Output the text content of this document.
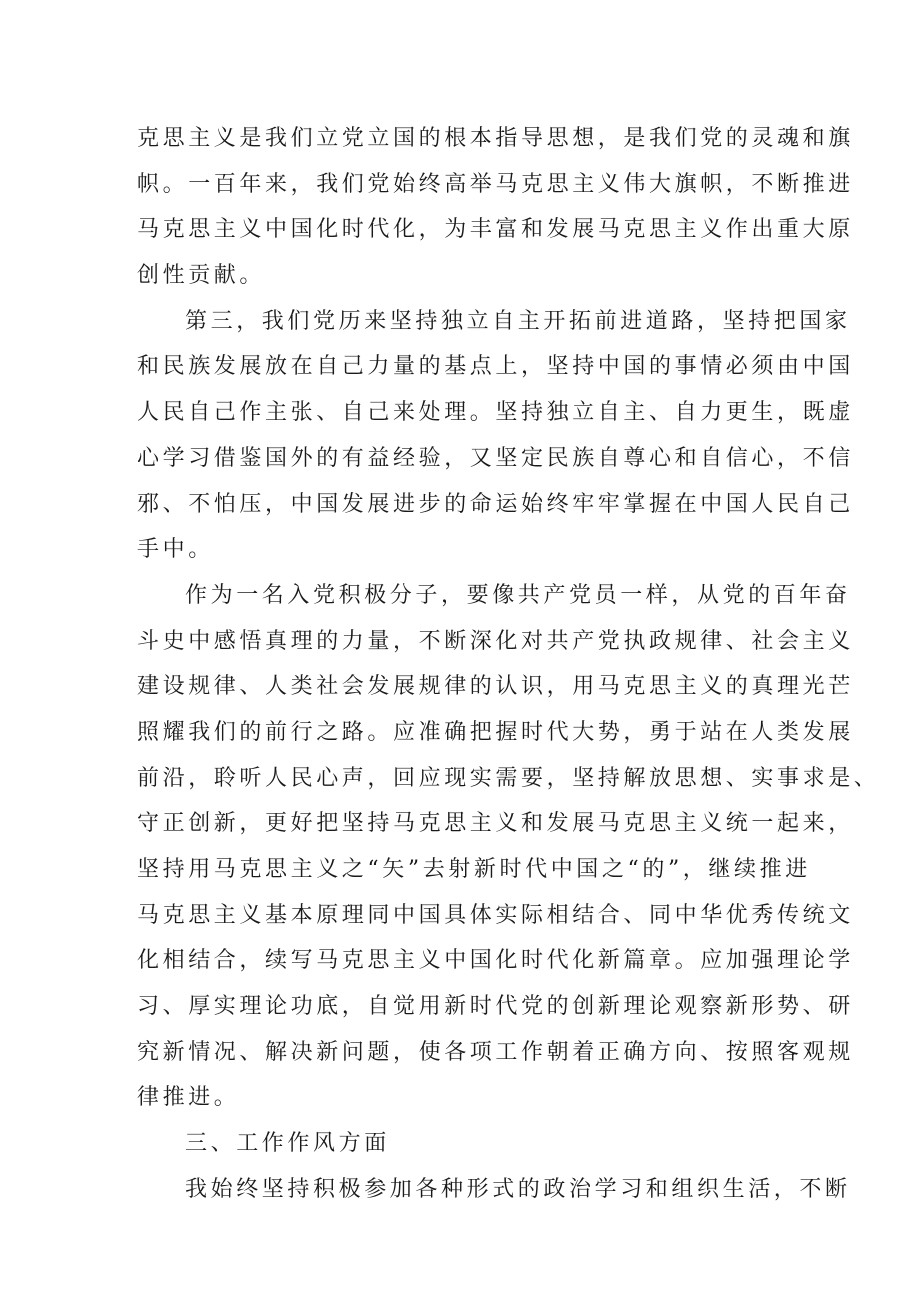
克思主义是我们立党立国的根本指导思想，是我们党的灵魂和旗
帜。一百年来，我们党始终高举马克思主义伟大旗帜，不断推进
马克思主义中国化时代化，为丰富和发展马克思主义作出重大原
创性贡献。
第三，我们党历来坚持独立自主开拓前进道路，坚持把国家
和民族发展放在自己力量的基点上，坚持中国的事情必须由中国
人民自己作主张、自己来处理。坚持独立自主、自力更生，既虚
心学习借鉴国外的有益经验，又坚定民族自尊心和自信心，不信
邪、不怕压，中国发展进步的命运始终牢牢掌握在中国人民自己
手中。
作为一名入党积极分子，要像共产党员一样，从党的百年奋
斗史中感悟真理的力量，不断深化对共产党执政规律、社会主义
建设规律、人类社会发展规律的认识，用马克思主义的真理光芒
照耀我们的前行之路。应准确把握时代大势，勇于站在人类发展
前沿，聆听人民心声，回应现实需要，坚持解放思想、实事求是、
守正创新，更好把坚持马克思主义和发展马克思主义统一起来，
坚持用马克思主义之“矢”去射新时代中国之“的”，继续推进
马克思主义基本原理同中国具体实际相结合、同中华优秀传统文
化相结合，续写马克思主义中国化时代化新篇章。应加强理论学
习、厚实理论功底，自觉用新时代党的创新理论观察新形势、研
究新情况、解决新问题，使各项工作朝着正确方向、按照客观规
律推进。
三、工作作风方面
我始终坚持积极参加各种形式的政治学习和组织生活，不断
